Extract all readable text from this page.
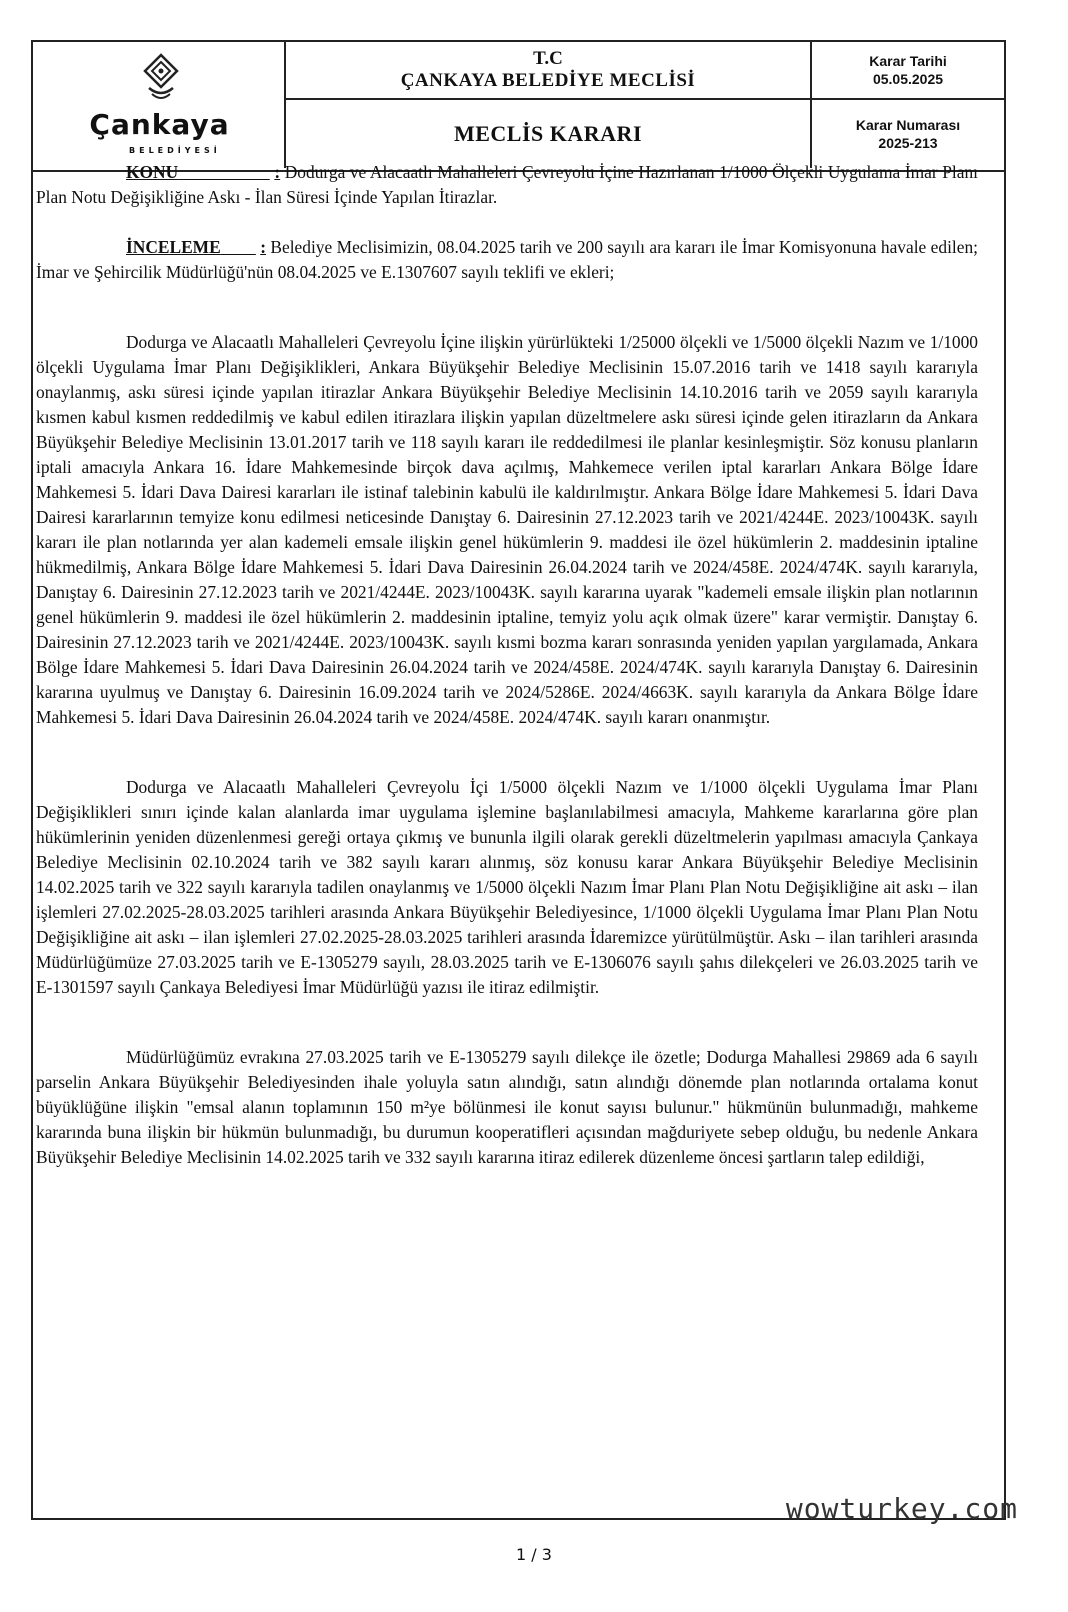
Çankaya
BELEDİYESİ
T.C
ÇANKAYA BELEDİYE MECLİSİ
MECLİS KARARI
Karar Tarihi
05.05.2025
Karar Numarası
2025-213

KONU	: Dodurga ve Alacaatlı Mahalleleri Çevreyolu İçine Hazırlanan 1/1000 Ölçekli Uygulama İmar Planı Plan Notu Değişikliğine Askı - İlan Süresi İçinde Yapılan İtirazlar.

İNCELEME : Belediye Meclisimizin, 08.04.2025 tarih ve 200 sayılı ara kararı ile İmar Komisyonuna havale edilen; İmar ve Şehircilik Müdürlüğü'nün 08.04.2025 ve E.1307607 sayılı teklifi ve ekleri;

Dodurga ve Alacaatlı Mahalleleri Çevreyolu İçine ilişkin yürürlükteki 1/25000 ölçekli ve 1/5000 ölçekli Nazım ve 1/1000 ölçekli Uygulama İmar Planı Değişiklikleri, Ankara Büyükşehir Belediye Meclisinin 15.07.2016 tarih ve 1418 sayılı kararıyla onaylanmış, askı süresi içinde yapılan itirazlar Ankara Büyükşehir Belediye Meclisinin 14.10.2016 tarih ve 2059 sayılı kararıyla kısmen kabul kısmen reddedilmiş ve kabul edilen itirazlara ilişkin yapılan düzeltmelere askı süresi içinde gelen itirazların da Ankara Büyükşehir Belediye Meclisinin 13.01.2017 tarih ve 118 sayılı kararı ile reddedilmesi ile planlar kesinleşmiştir. Söz konusu planların iptali amacıyla Ankara 16. İdare Mahkemesinde birçok dava açılmış, Mahkemece verilen iptal kararları Ankara Bölge İdare Mahkemesi 5. İdari Dava Dairesi kararları ile istinaf talebinin kabulü ile kaldırılmıştır. Ankara Bölge İdare Mahkemesi 5. İdari Dava Dairesi kararlarının temyize konu edilmesi neticesinde Danıştay 6. Dairesinin 27.12.2023 tarih ve 2021/4244E. 2023/10043K. sayılı kararı ile plan notlarında yer alan kademeli emsale ilişkin genel hükümlerin 9. maddesi ile özel hükümlerin 2. maddesinin iptaline hükmedilmiş, Ankara Bölge İdare Mahkemesi 5. İdari Dava Dairesinin 26.04.2024 tarih ve 2024/458E. 2024/474K. sayılı kararıyla, Danıştay 6. Dairesinin 27.12.2023 tarih ve 2021/4244E. 2023/10043K. sayılı kararına uyarak "kademeli emsale ilişkin plan notlarının genel hükümlerin 9. maddesi ile özel hükümlerin 2. maddesinin iptaline, temyiz yolu açık olmak üzere" karar vermiştir. Danıştay 6. Dairesinin 27.12.2023 tarih ve 2021/4244E. 2023/10043K. sayılı kısmi bozma kararı sonrasında yeniden yapılan yargılamada, Ankara Bölge İdare Mahkemesi 5. İdari Dava Dairesinin 26.04.2024 tarih ve 2024/458E. 2024/474K. sayılı kararıyla Danıştay 6. Dairesinin kararına uyulmuş ve Danıştay 6. Dairesinin 16.09.2024 tarih ve 2024/5286E. 2024/4663K. sayılı kararıyla da Ankara Bölge İdare Mahkemesi 5. İdari Dava Dairesinin 26.04.2024 tarih ve 2024/458E. 2024/474K. sayılı kararı onanmıştır.

Dodurga ve Alacaatlı Mahalleleri Çevreyolu İçi 1/5000 ölçekli Nazım ve 1/1000 ölçekli Uygulama İmar Planı Değişiklikleri sınırı içinde kalan alanlarda imar uygulama işlemine başlanılabilmesi amacıyla, Mahkeme kararlarına göre plan hükümlerinin yeniden düzenlenmesi gereği ortaya çıkmış ve bununla ilgili olarak gerekli düzeltmelerin yapılması amacıyla Çankaya Belediye Meclisinin 02.10.2024 tarih ve 382 sayılı kararı alınmış, söz konusu karar Ankara Büyükşehir Belediye Meclisinin 14.02.2025 tarih ve 322 sayılı kararıyla tadilen onaylanmış ve 1/5000 ölçekli Nazım İmar Planı Plan Notu Değişikliğine ait askı – ilan işlemleri 27.02.2025-28.03.2025 tarihleri arasında Ankara Büyükşehir Belediyesince, 1/1000 ölçekli Uygulama İmar Planı Plan Notu Değişikliğine ait askı – ilan işlemleri 27.02.2025-28.03.2025 tarihleri arasında İdaremizce yürütülmüştür. Askı – ilan tarihleri arasında Müdürlüğümüze 27.03.2025 tarih ve E-1305279 sayılı, 28.03.2025 tarih ve E-1306076 sayılı şahıs dilekçeleri ve 26.03.2025 tarih ve E-1301597 sayılı Çankaya Belediyesi İmar Müdürlüğü yazısı ile itiraz edilmiştir.

Müdürlüğümüz evrakına 27.03.2025 tarih ve E-1305279 sayılı dilekçe ile özetle; Dodurga Mahallesi 29869 ada 6 sayılı parselin Ankara Büyükşehir Belediyesinden ihale yoluyla satın alındığı, satın alındığı dönemde plan notlarında ortalama konut büyüklüğüne ilişkin "emsal alanın toplamının 150 m²ye bölünmesi ile konut sayısı bulunur." hükmünün bulunmadığı, mahkeme kararında buna ilişkin bir hükmün bulunmadığı, bu durumun kooperatifleri açısından mağduriyete sebep olduğu, bu nedenle Ankara Büyükşehir Belediye Meclisinin 14.02.2025 tarih ve 332 sayılı kararına itiraz edilerek düzenleme öncesi şartların talep edildiği,

wowturkey.com
1 / 3
